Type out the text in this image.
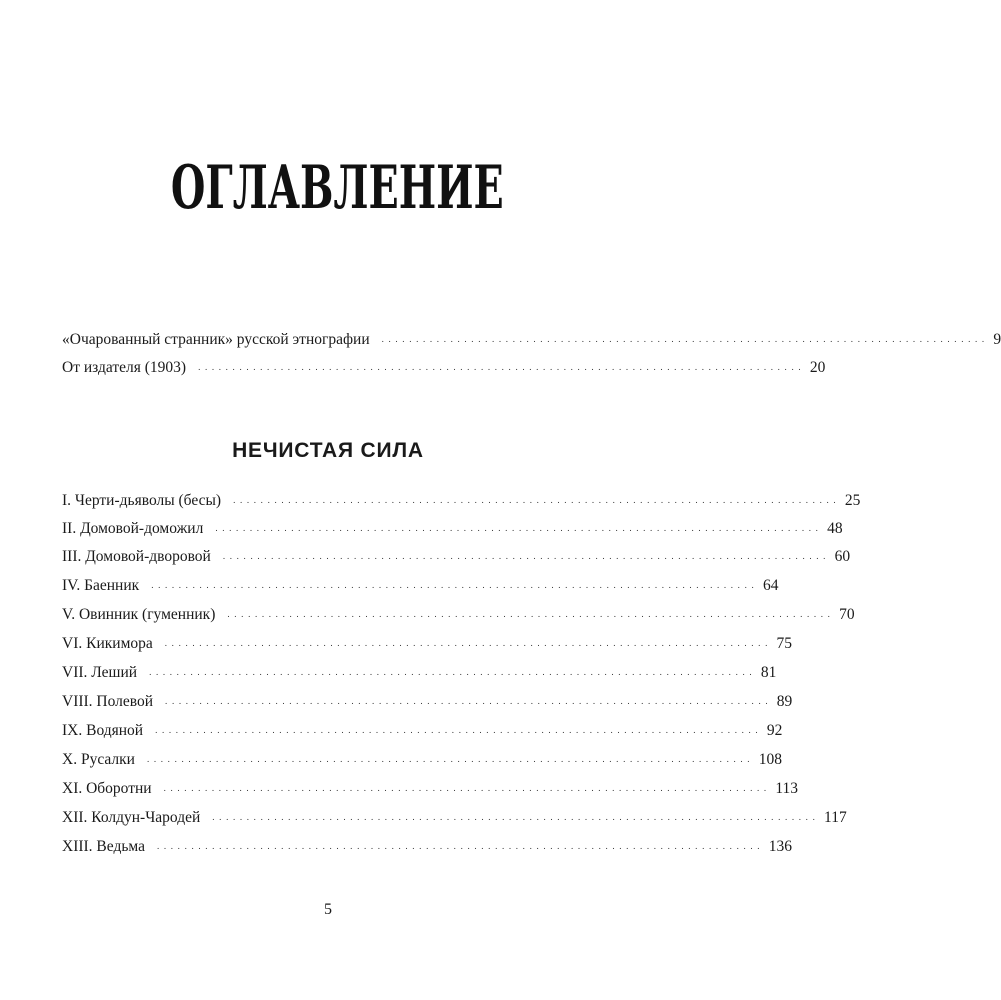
ОГЛАВЛЕНИЕ
«Очарованный странник» русской этнографии . . . . . . . . . . . . . . . . . . . . . . . . . . . . . . . . . . . . . . . . . . . . . . . . . . . . . . . . . . . . . . . . . . . . . . . . . . . . . . . . . . . . . . . . 9
От издателя (1903) . . . . . . . . . . . . . . . . . . . . . . . . . . . . . . . . . . . . . . . . . . . . . . . . . . . . . . . . . . . . . . . . . . . . . . . . . . . . . . . . . . . . . . . . 20
НЕЧИСТАЯ СИЛА
I. Черти-дьяволы (бесы) . . . . . . . . . . . . . . . . . . . . . . . . . . . . . . . . . . . . . . . . . . . . . . . . . . . . . . . . . . . . . . . . . . . . . . . . . . . . . . . . . . . . . . . . 25
II. Домовой-доможил . . . . . . . . . . . . . . . . . . . . . . . . . . . . . . . . . . . . . . . . . . . . . . . . . . . . . . . . . . . . . . . . . . . . . . . . . . . . . . . . . . . . . . . . 48
III. Домовой-дворовой . . . . . . . . . . . . . . . . . . . . . . . . . . . . . . . . . . . . . . . . . . . . . . . . . . . . . . . . . . . . . . . . . . . . . . . . . . . . . . . . . . . . . . . . 60
IV. Баенник . . . . . . . . . . . . . . . . . . . . . . . . . . . . . . . . . . . . . . . . . . . . . . . . . . . . . . . . . . . . . . . . . . . . . . . . . . . . . . . . . . . . . . . . 64
V. Овинник (гуменник) . . . . . . . . . . . . . . . . . . . . . . . . . . . . . . . . . . . . . . . . . . . . . . . . . . . . . . . . . . . . . . . . . . . . . . . . . . . . . . . . . . . . . . . . 70
VI. Кикимора . . . . . . . . . . . . . . . . . . . . . . . . . . . . . . . . . . . . . . . . . . . . . . . . . . . . . . . . . . . . . . . . . . . . . . . . . . . . . . . . . . . . . . . . 75
VII. Леший . . . . . . . . . . . . . . . . . . . . . . . . . . . . . . . . . . . . . . . . . . . . . . . . . . . . . . . . . . . . . . . . . . . . . . . . . . . . . . . . . . . . . . . . 81
VIII. Полевой . . . . . . . . . . . . . . . . . . . . . . . . . . . . . . . . . . . . . . . . . . . . . . . . . . . . . . . . . . . . . . . . . . . . . . . . . . . . . . . . . . . . . . . . 89
IX. Водяной . . . . . . . . . . . . . . . . . . . . . . . . . . . . . . . . . . . . . . . . . . . . . . . . . . . . . . . . . . . . . . . . . . . . . . . . . . . . . . . . . . . . . . . . 92
X. Русалки . . . . . . . . . . . . . . . . . . . . . . . . . . . . . . . . . . . . . . . . . . . . . . . . . . . . . . . . . . . . . . . . . . . . . . . . . . . . . . . . . . . . . . . . 108
XI. Оборотни . . . . . . . . . . . . . . . . . . . . . . . . . . . . . . . . . . . . . . . . . . . . . . . . . . . . . . . . . . . . . . . . . . . . . . . . . . . . . . . . . . . . . . . . 113
XII. Колдун-Чародей . . . . . . . . . . . . . . . . . . . . . . . . . . . . . . . . . . . . . . . . . . . . . . . . . . . . . . . . . . . . . . . . . . . . . . . . . . . . . . . . . . . . . . . . 117
XIII. Ведьма . . . . . . . . . . . . . . . . . . . . . . . . . . . . . . . . . . . . . . . . . . . . . . . . . . . . . . . . . . . . . . . . . . . . . . . . . . . . . . . . . . . . . . . . 136
5
